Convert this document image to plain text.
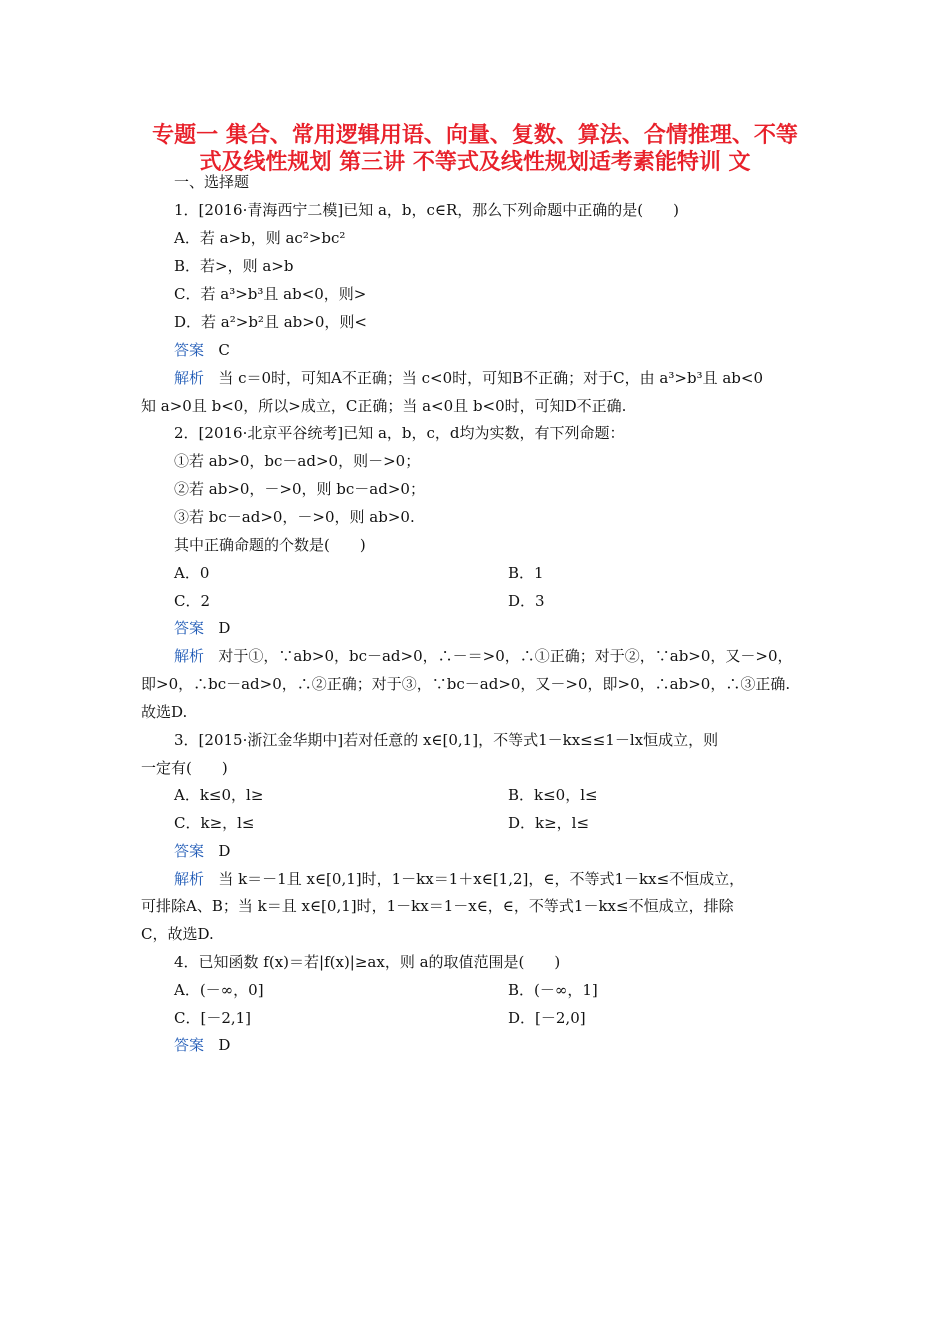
专题一 集合、常用逻辑用语、向量、复数、算法、合情推理、不等
式及线性规划 第三讲 不等式及线性规划适考素能特训 文
一、选择题
1．[2016·青海西宁二模]已知 a，b，c∈R，那么下列命题中正确的是(　　)
A．若 a>b，则 ac²>bc²
B．若>，则 a>b
C．若 a³>b³且 ab<0，则>
D．若 a²>b²且 ab>0，则<
答案 C
解析 当 c＝0时，可知A不正确；当 c<0时，可知B不正确；对于C，由 a³>b³且 ab<0
知 a>0且 b<0，所以>成立，C正确；当 a<0且 b<0时，可知D不正确.
2．[2016·北京平谷统考]已知 a，b，c，d均为实数，有下列命题：
①若 ab>0，bc－ad>0，则－>0；
②若 ab>0，－>0，则 bc－ad>0；
③若 bc－ad>0，－>0，则 ab>0.
其中正确命题的个数是(　　)
A．0	B．1
C．2	D．3
答案 D
解析 对于①，∵ab>0，bc－ad>0，∴－＝>0，∴①正确；对于②，∵ab>0，又－>0，
即>0，∴bc－ad>0，∴②正确；对于③，∵bc－ad>0，又－>0，即>0，∴ab>0，∴③正确.
故选D.
3．[2015·浙江金华期中]若对任意的 x∈[0,1]，不等式1－kx≤≤1－lx恒成立，则
一定有(　　)
A．k≤0，l≥	B．k≤0，l≤
C．k≥，l≤	D．k≥，l≤
答案 D
解析 当 k＝－1且 x∈[0,1]时，1－kx＝1＋x∈[1,2]，∈，不等式1－kx≤不恒成立，
可排除A、B；当 k＝且 x∈[0,1]时，1－kx＝1－x∈，∈，不等式1－kx≤不恒成立，排除
C，故选D.
4．已知函数 f(x)＝若|f(x)|≥ax，则 a的取值范围是(　　)
A．(－∞，0]	B．(－∞，1]
C．[－2,1]	D．[－2,0]
答案 D
